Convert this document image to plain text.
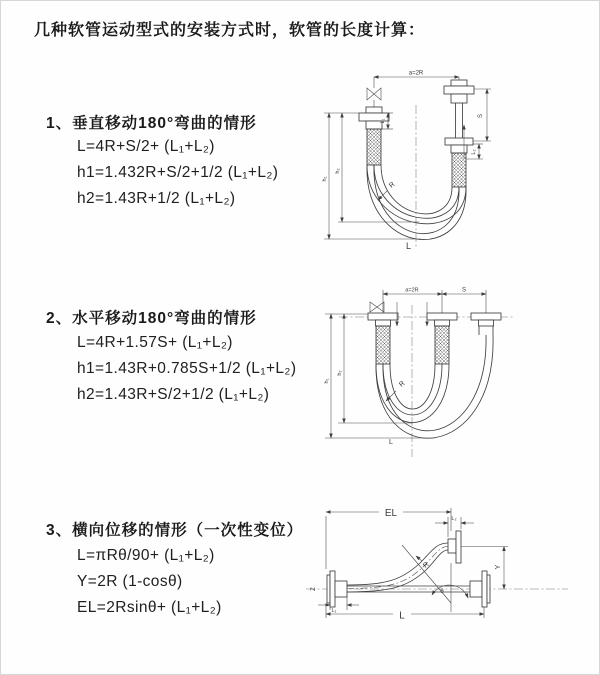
几种软管运动型式的安装方式时，软管的长度计算：
1、垂直移动180°弯曲的情形
L=4R+S/2+ (L₁+L₂)
h1=1.432R+S/2+1/2 (L₁+L₂)
h2=1.43R+1/2 (L₁+L₂)
a=2R
S
L₂
L₁
h₁
h₂
R
L
2、水平移动180°弯曲的情形
L=4R+1.57S+ (L₁+L₂)
h1=1.43R+0.785S+1/2 (L₁+L₂)
h2=1.43R+S/2+1/2 (L₁+L₂)
a=2R	S
h₁
h₂
R
L
3、横向位移的情形（一次性变位）
L=πRθ/90+ (L₁+L₂)
Y=2R (1-cosθ)
EL=2Rsinθ+ (L₁+L₂)
Z
EL	L₂
Y
θ
R
L₁	L
